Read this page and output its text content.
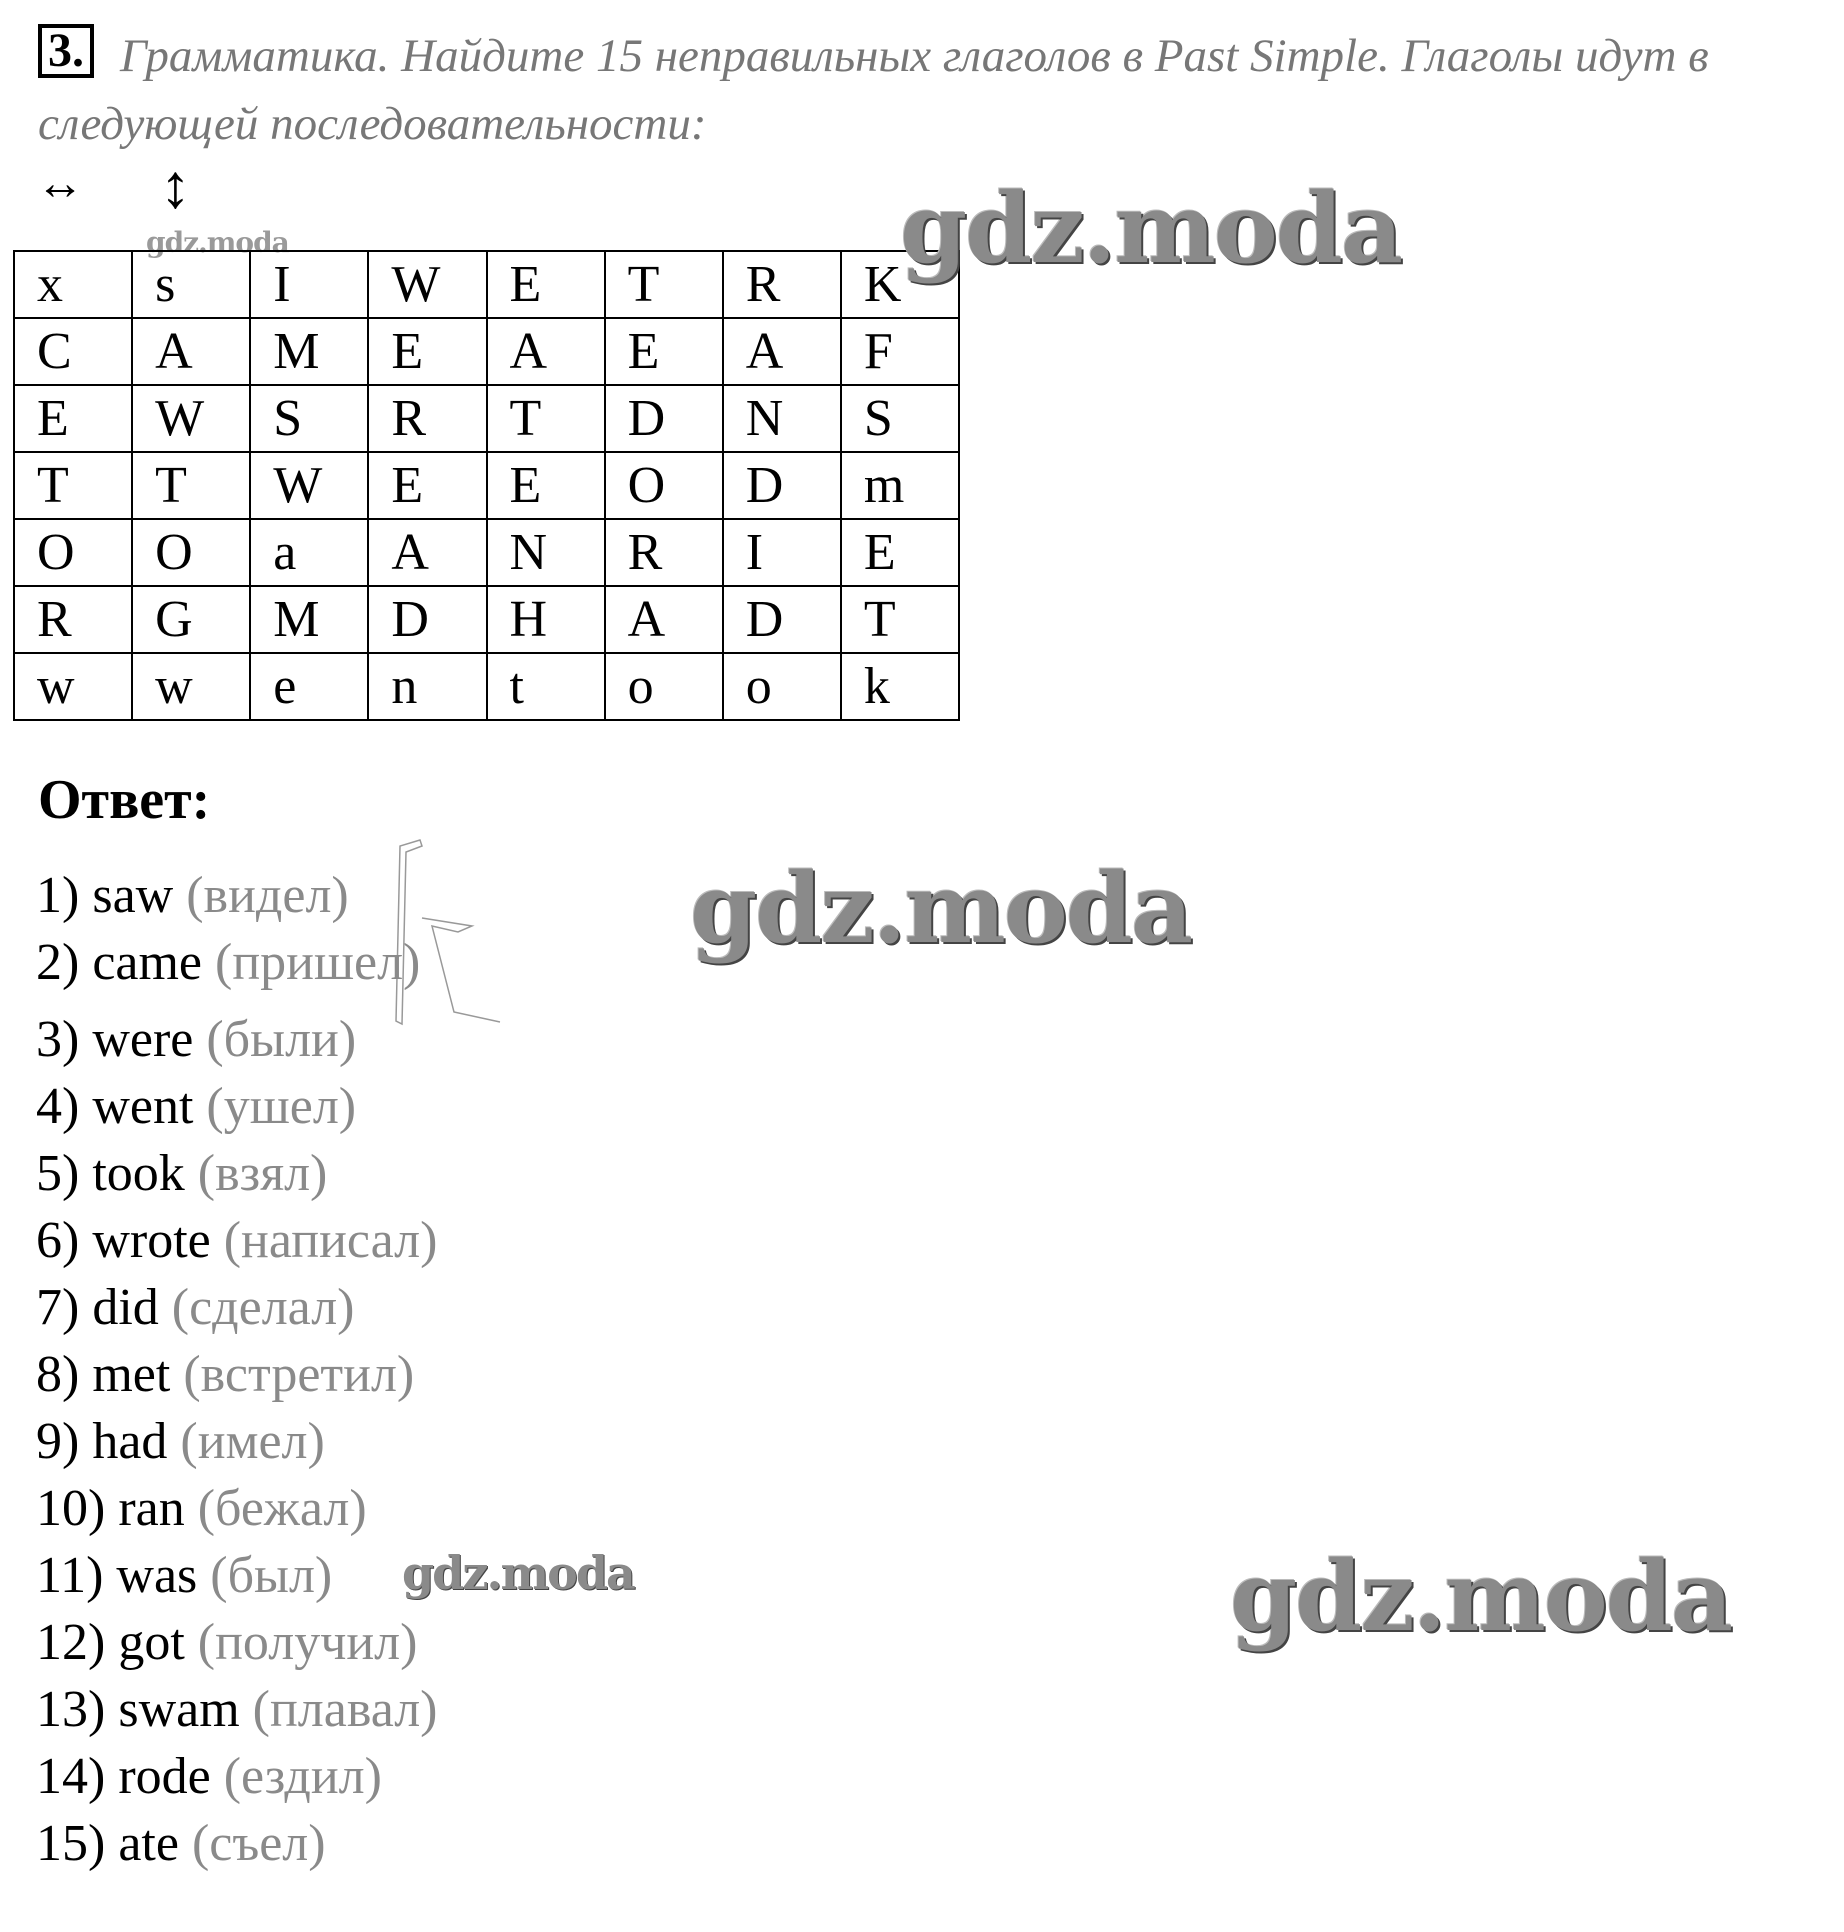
3. Грамматика. Найдите 15 неправильных глаголов в Past Simple. Глаголы идут в следующей последовательности:

↔ ↕
gdz.moda
x	s	I	W	E	T	R	K
C	A	M	E	A	E	A	F
E	W	S	R	T	D	N	S
T	T	W	E	E	O	D	m
O	O	a	A	N	R	I	E
R	G	M	D	H	A	D	T
w	w	e	n	t	o	o	k
gdz.moda
Ответ:
1) saw (видел)
2) came (пришел)
3) were (были)
4) went (ушел)
5) took (взял)
6) wrote (написал)
7) did (сделал)
8) met (встретил)
9) had (имел)
10) ran (бежал)
11) was (был)
12) got (получил)
13) swam (плавал)
14) rode (ездил)
15) ate (съел)
gdz.moda
gdz.moda	gdz.moda
